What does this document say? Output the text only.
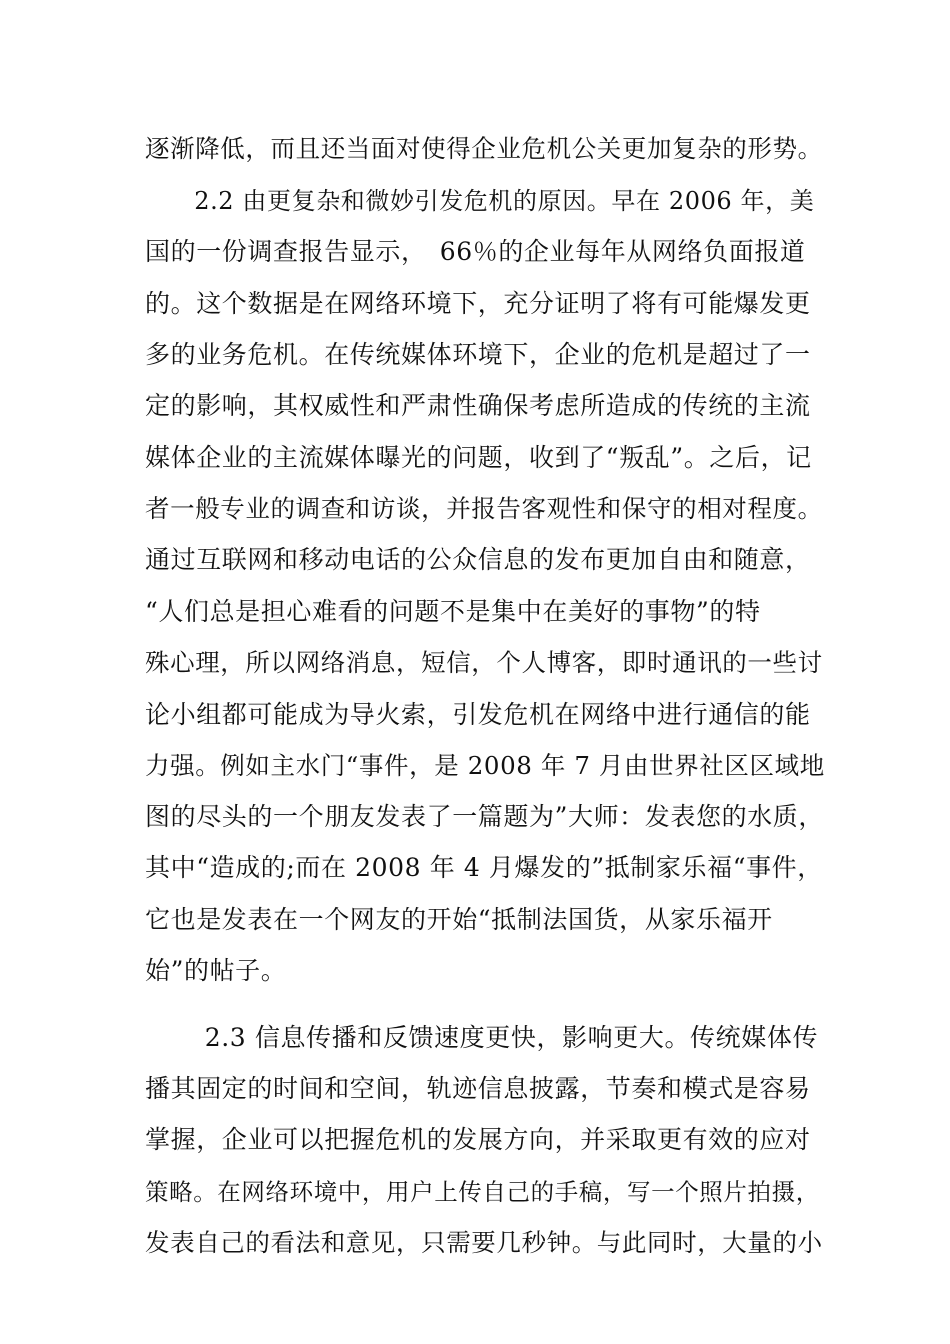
逐渐降低，而且还当面对使得企业危机公关更加复杂的形势。
　　2.2 由更复杂和微妙引发危机的原因。早在 2006 年，美
国的一份调查报告显示，　66％的企业每年从网络负面报道
的。这个数据是在网络环境下，充分证明了将有可能爆发更
多的业务危机。在传统媒体环境下，企业的危机是超过了一
定的影响，其权威性和严肃性确保考虑所造成的传统的主流
媒体企业的主流媒体曝光的问题，收到了“叛乱”。之后，记
者一般专业的调查和访谈，并报告客观性和保守的相对程度。
通过互联网和移动电话的公众信息的发布更加自由和随意，
“人们总是担心难看的问题不是集中在美好的事物”的特
殊心理，所以网络消息，短信，个人博客，即时通讯的一些讨
论小组都可能成为导火索，引发危机在网络中进行通信的能
力强。例如主水门“事件，是 2008 年 7 月由世界社区区域地
图的尽头的一个朋友发表了一篇题为”大师：发表您的水质，
其中“造成的;而在 2008 年 4 月爆发的”抵制家乐福“事件，
它也是发表在一个网友的开始“抵制法国货，从家乐福开
始”的帖子。
　　 2.3 信息传播和反馈速度更快，影响更大。传统媒体传
播其固定的时间和空间，轨迹信息披露，节奏和模式是容易
掌握，企业可以把握危机的发展方向，并采取更有效的应对
策略。在网络环境中，用户上传自己的手稿，写一个照片拍摄，
发表自己的看法和意见，只需要几秒钟。与此同时，大量的小
